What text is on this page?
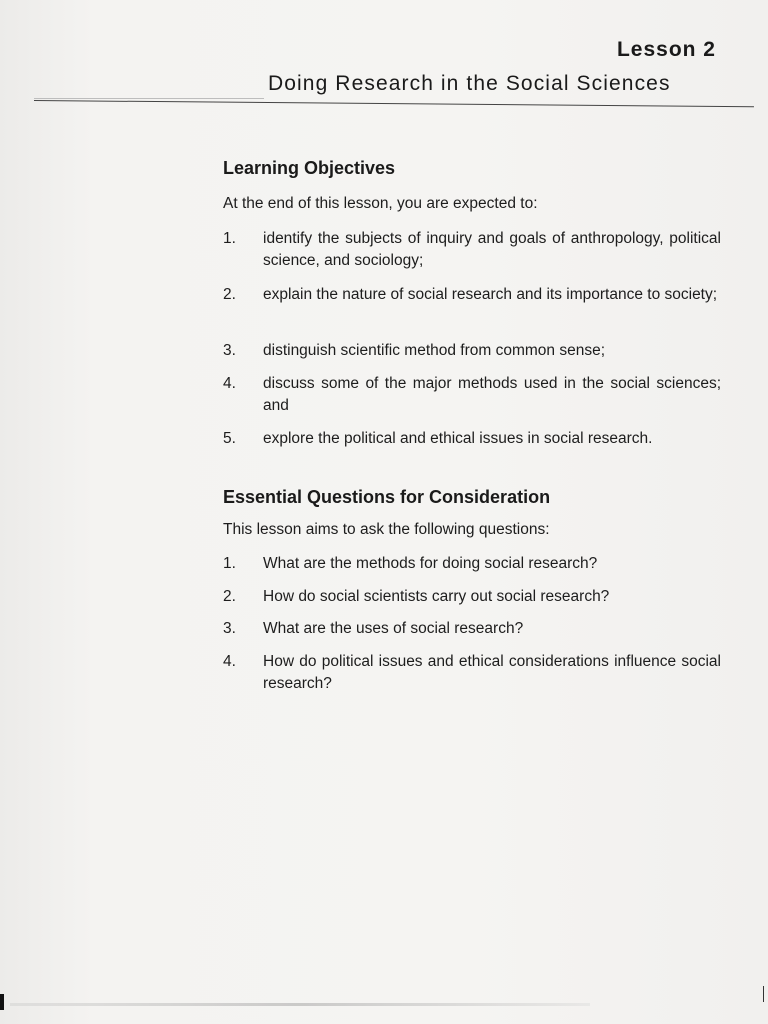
Lesson 2
Doing Research in the Social Sciences
Learning Objectives
At the end of this lesson, you are expected to:
1.	identify the subjects of inquiry and goals of anthropology, political science, and sociology;
2.	explain the nature of social research and its importance to society;
3.	distinguish scientific method from common sense;
4.	discuss some of the major methods used in the social sciences; and
5.	explore the political and ethical issues in social research.
Essential Questions for Consideration
This lesson aims to ask the following questions:
1.	What are the methods for doing social research?
2.	How do social scientists carry out social research?
3.	What are the uses of social research?
4.	How do political issues and ethical considerations influence social research?
